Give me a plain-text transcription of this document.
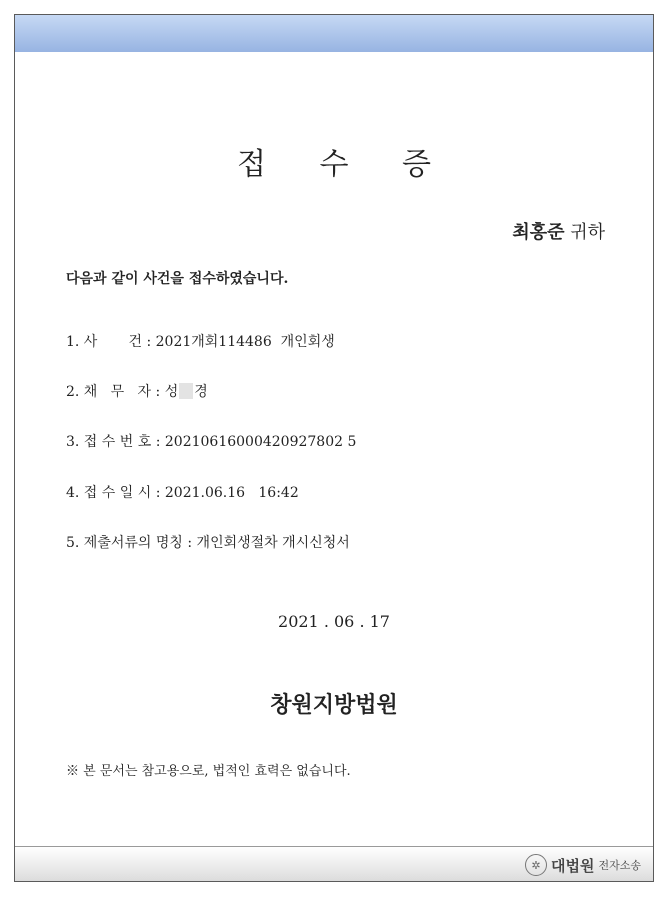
접 수 증
최홍준 귀하
다음과 같이 사건을 접수하였습니다.
1. 사       건 : 2021개회114486  개인회생
2. 채   무   자 : 성 경
3. 접 수 번 호 : 20210616000420927802 5
4. 접 수 일 시 : 2021.06.16   16:42
5. 제출서류의 명칭 : 개인회생절차 개시신청서
2021 . 06 . 17
창원지방법원
※ 본 문서는 참고용으로, 법적인 효력은 없습니다.
✲ 대법원 전자소송
